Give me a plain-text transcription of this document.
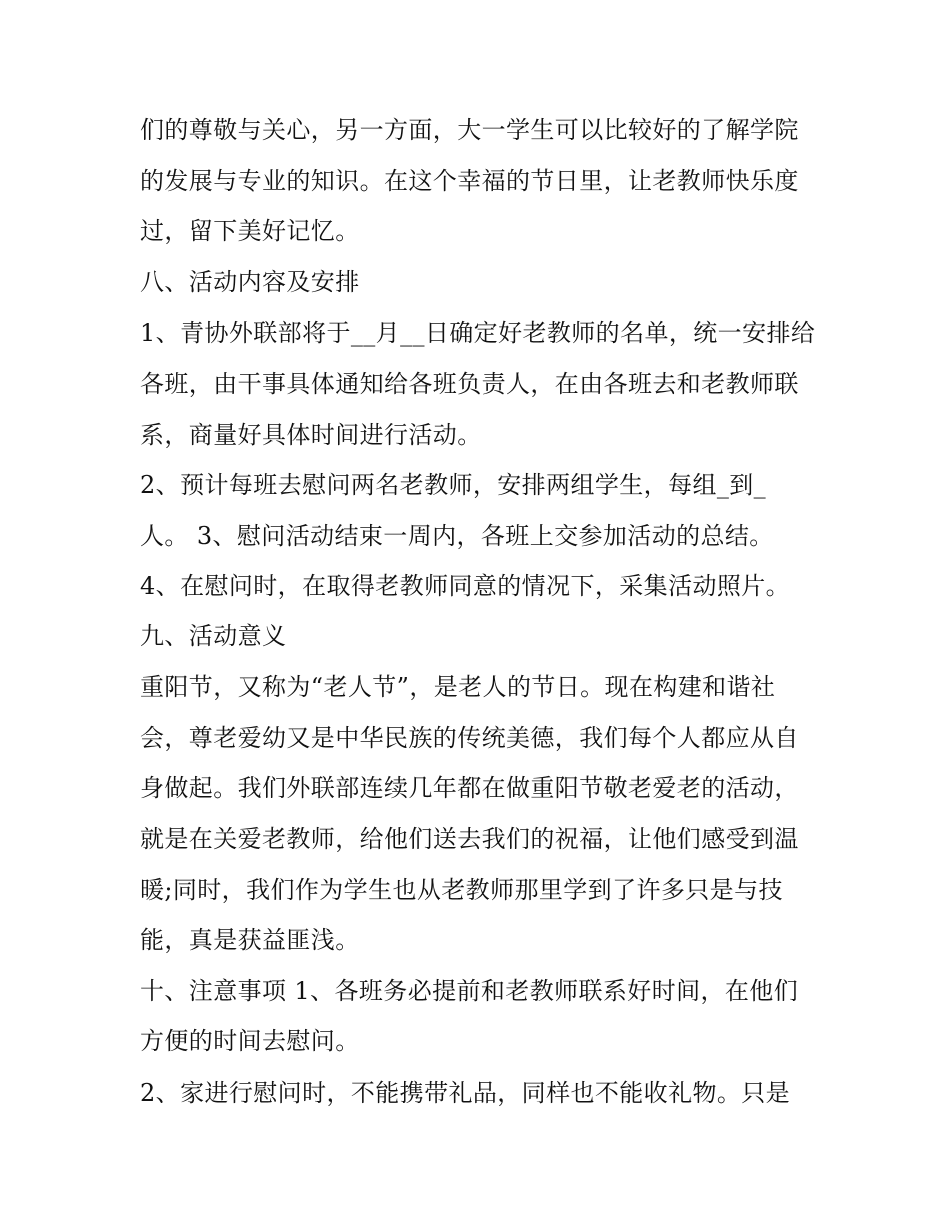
们的尊敬与关心，另一方面，大一学生可以比较好的了解学院
的发展与专业的知识。在这个幸福的节日里，让老教师快乐度
过，留下美好记忆。
八、活动内容及安排
1、青协外联部将于__月__日确定好老教师的名单，统一安排给
各班，由干事具体通知给各班负责人，在由各班去和老教师联
系，商量好具体时间进行活动。
2、预计每班去慰问两名老教师，安排两组学生，每组_到_
人。 3、慰问活动结束一周内，各班上交参加活动的总结。
4、在慰问时，在取得老教师同意的情况下，采集活动照片。
九、活动意义
重阳节，又称为“老人节”，是老人的节日。现在构建和谐社
会，尊老爱幼又是中华民族的传统美德，我们每个人都应从自
身做起。我们外联部连续几年都在做重阳节敬老爱老的活动，
就是在关爱老教师，给他们送去我们的祝福，让他们感受到温
暖;同时，我们作为学生也从老教师那里学到了许多只是与技
能，真是获益匪浅。
十、注意事项 1、各班务必提前和老教师联系好时间，在他们
方便的时间去慰问。
2、家进行慰问时，不能携带礼品，同样也不能收礼物。只是
